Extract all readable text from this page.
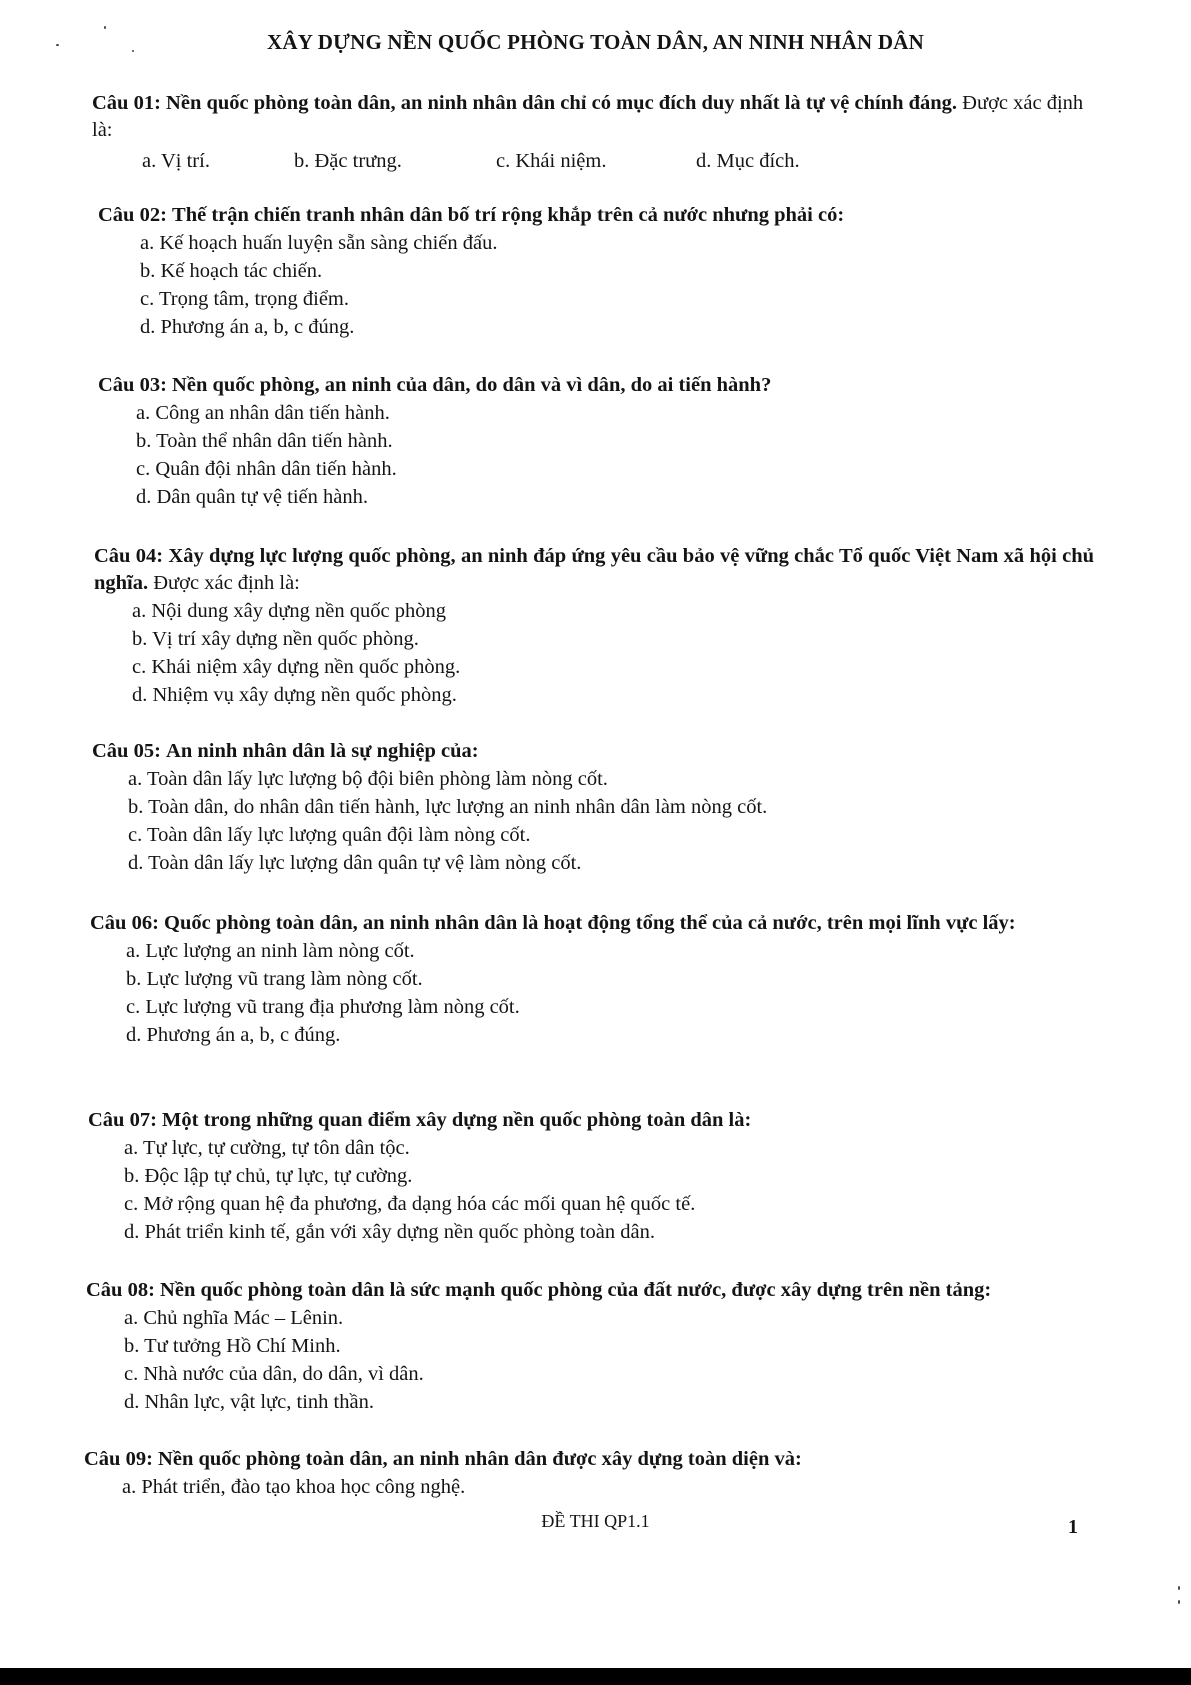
XÂY DỰNG NỀN QUỐC PHÒNG TOÀN DÂN, AN NINH NHÂN DÂN
Câu 01: Nền quốc phòng toàn dân, an ninh nhân dân chỉ có mục đích duy nhất là tự vệ chính đáng. Được xác định là:
a. Vị trí.	b. Đặc trưng.	c. Khái niệm.	d. Mục đích.
Câu 02: Thế trận chiến tranh nhân dân bố trí rộng khắp trên cả nước nhưng phải có:
a. Kế hoạch huấn luyện sẵn sàng chiến đấu.
b. Kế hoạch tác chiến.
c. Trọng tâm, trọng điểm.
d. Phương án a, b, c đúng.
Câu 03: Nền quốc phòng, an ninh của dân, do dân và vì dân, do ai tiến hành?
a. Công an nhân dân tiến hành.
b. Toàn thể nhân dân tiến hành.
c. Quân đội nhân dân tiến hành.
d. Dân quân tự vệ tiến hành.
Câu 04: Xây dựng lực lượng quốc phòng, an ninh đáp ứng yêu cầu bảo vệ vững chắc Tổ quốc Việt Nam xã hội chủ nghĩa. Được xác định là:
a. Nội dung xây dựng nền quốc phòng
b. Vị trí xây dựng nền quốc phòng.
c. Khái niệm xây dựng nền quốc phòng.
d. Nhiệm vụ xây dựng nền quốc phòng.
Câu 05: An ninh nhân dân là sự nghiệp của:
a. Toàn dân lấy lực lượng bộ đội biên phòng làm nòng cốt.
b. Toàn dân, do nhân dân tiến hành, lực lượng an ninh nhân dân làm nòng cốt.
c. Toàn dân lấy lực lượng quân đội làm nòng cốt.
d. Toàn dân lấy lực lượng dân quân tự vệ làm nòng cốt.
Câu 06: Quốc phòng toàn dân, an ninh nhân dân là hoạt động tổng thể của cả nước, trên mọi lĩnh vực lấy:
a. Lực lượng an ninh làm nòng cốt.
b. Lực lượng vũ trang làm nòng cốt.
c. Lực lượng vũ trang địa phương làm nòng cốt.
d. Phương án a, b, c đúng.
Câu 07: Một trong những quan điểm xây dựng nền quốc phòng toàn dân là:
a. Tự lực, tự cường, tự tôn dân tộc.
b. Độc lập tự chủ, tự lực, tự cường.
c. Mở rộng quan hệ đa phương, đa dạng hóa các mối quan hệ quốc tế.
d. Phát triển kinh tế, gắn với xây dựng nền quốc phòng toàn dân.
Câu 08: Nền quốc phòng toàn dân là sức mạnh quốc phòng của đất nước, được xây dựng trên nền tảng:
a. Chủ nghĩa Mác – Lênin.
b. Tư tưởng Hồ Chí Minh.
c. Nhà nước của dân, do dân, vì dân.
d. Nhân lực, vật lực, tinh thần.
Câu 09: Nền quốc phòng toàn dân, an ninh nhân dân được xây dựng toàn diện và:
a. Phát triển, đào tạo khoa học công nghệ.
ĐỀ THI QP1.1	1
